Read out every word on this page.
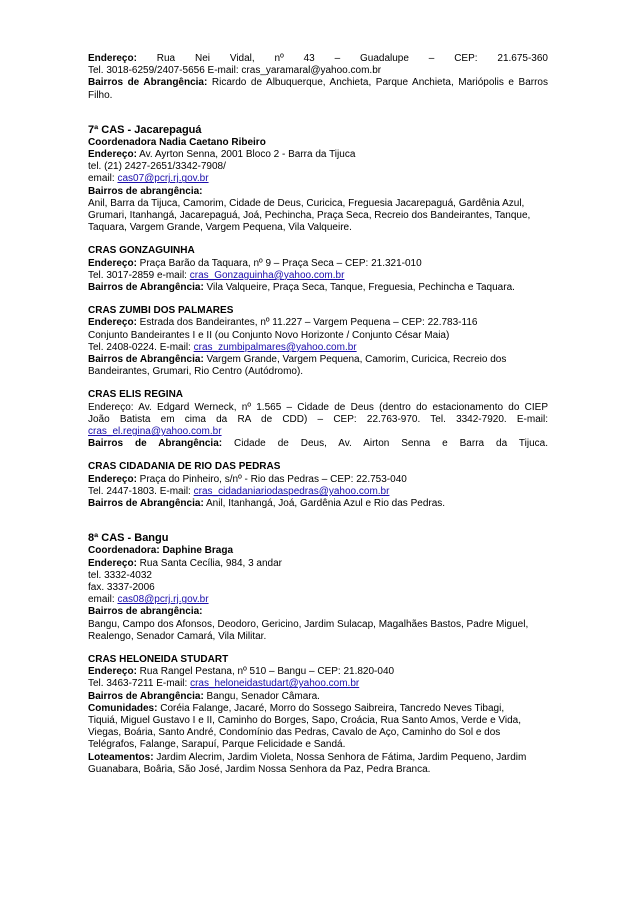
Endereço: Rua Nei Vidal, nº 43 – Guadalupe – CEP: 21.675-360
Tel. 3018-6259/2407-5656 E-mail: cras_yaramaral@yahoo.com.br
Bairros de Abrangência: Ricardo de Albuquerque, Anchieta, Parque Anchieta, Mariópolis e Barros
Filho.
7ª CAS - Jacarepaguá
Coordenadora Nadia Caetano Ribeiro
Endereço: Av. Ayrton Senna, 2001 Bloco 2 - Barra da Tijuca
tel. (21) 2427-2651/3342-7908/
email: cas07@pcrj.rj.gov.br
Bairros de abrangência:
Anil, Barra da Tijuca, Camorim, Cidade de Deus, Curicica, Freguesia Jacarepaguá, Gardênia Azul,
Grumari, Itanhangá, Jacarepaguá, Joá, Pechincha, Praça Seca, Recreio dos Bandeirantes, Tanque,
Taquara, Vargem Grande, Vargem Pequena, Vila Valqueire.
CRAS GONZAGUINHA
Endereço: Praça Barão da Taquara, nº 9 – Praça Seca – CEP: 21.321-010
Tel. 3017-2859 e-mail: cras_Gonzaguinha@yahoo.com.br
Bairros de Abrangência: Vila Valqueire, Praça Seca, Tanque, Freguesia, Pechincha e Taquara.
CRAS ZUMBI DOS PALMARES
Endereço: Estrada dos Bandeirantes, nº 11.227 – Vargem Pequena – CEP: 22.783-116
Conjunto Bandeirantes I e II (ou Conjunto Novo Horizonte / Conjunto César Maia)
Tel. 2408-0224. E-mail: cras_zumbipalmares@yahoo.com.br
Bairros de Abrangência: Vargem Grande, Vargem Pequena, Camorim, Curicica, Recreio dos
Bandeirantes, Grumari, Rio Centro (Autódromo).
CRAS ELIS REGINA
Endereço: Av. Edgard Werneck, nº 1.565 – Cidade de Deus (dentro do estacionamento do CIEP
João Batista em cima da RA de CDD) – CEP: 22.763-970. Tel. 3342-7920. E-mail:
cras_el.regina@yahoo.com.br
Bairros de Abrangência: Cidade de Deus, Av. Airton Senna e Barra da Tijuca.
CRAS CIDADANIA DE RIO DAS PEDRAS
Endereço: Praça do Pinheiro, s/nº - Rio das Pedras – CEP: 22.753-040
Tel. 2447-1803. E-mail: cras_cidadaniariodaspedras@yahoo.com.br
Bairros de Abrangência: Anil, Itanhangá, Joá, Gardênia Azul e Rio das Pedras.
8ª CAS - Bangu
Coordenadora: Daphine Braga
Endereço: Rua Santa Cecília, 984, 3 andar
tel. 3332-4032
fax. 3337-2006
email: cas08@pcrj.rj.gov.br
Bairros de abrangência:
Bangu, Campo dos Afonsos, Deodoro, Gericino, Jardim Sulacap, Magalhães Bastos, Padre Miguel,
Realengo, Senador Camará, Vila Militar.
CRAS HELONEIDA STUDART
Endereço: Rua Rangel Pestana, nº 510 – Bangu – CEP: 21.820-040
Tel. 3463-7211 E-mail: cras_heloneidastudart@yahoo.com.br
Bairros de Abrangência: Bangu, Senador Câmara.
Comunidades: Coréia Falange, Jacaré, Morro do Sossego Saibreira, Tancredo Neves Tibagi,
Tiquiá, Miguel Gustavo I e II, Caminho do Borges, Sapo, Croácia, Rua Santo Amos, Verde e Vida,
Viegas, Boária, Santo André, Condomínio das Pedras, Cavalo de Aço, Caminho do Sol e dos
Telégrafos, Falange, Sarapuí, Parque Felicidade e Sandá.
Loteamentos: Jardim Alecrim, Jardim Violeta, Nossa Senhora de Fátima, Jardim Pequeno, Jardim
Guanabara, Boâria, São José, Jardim Nossa Senhora da Paz, Pedra Branca.
